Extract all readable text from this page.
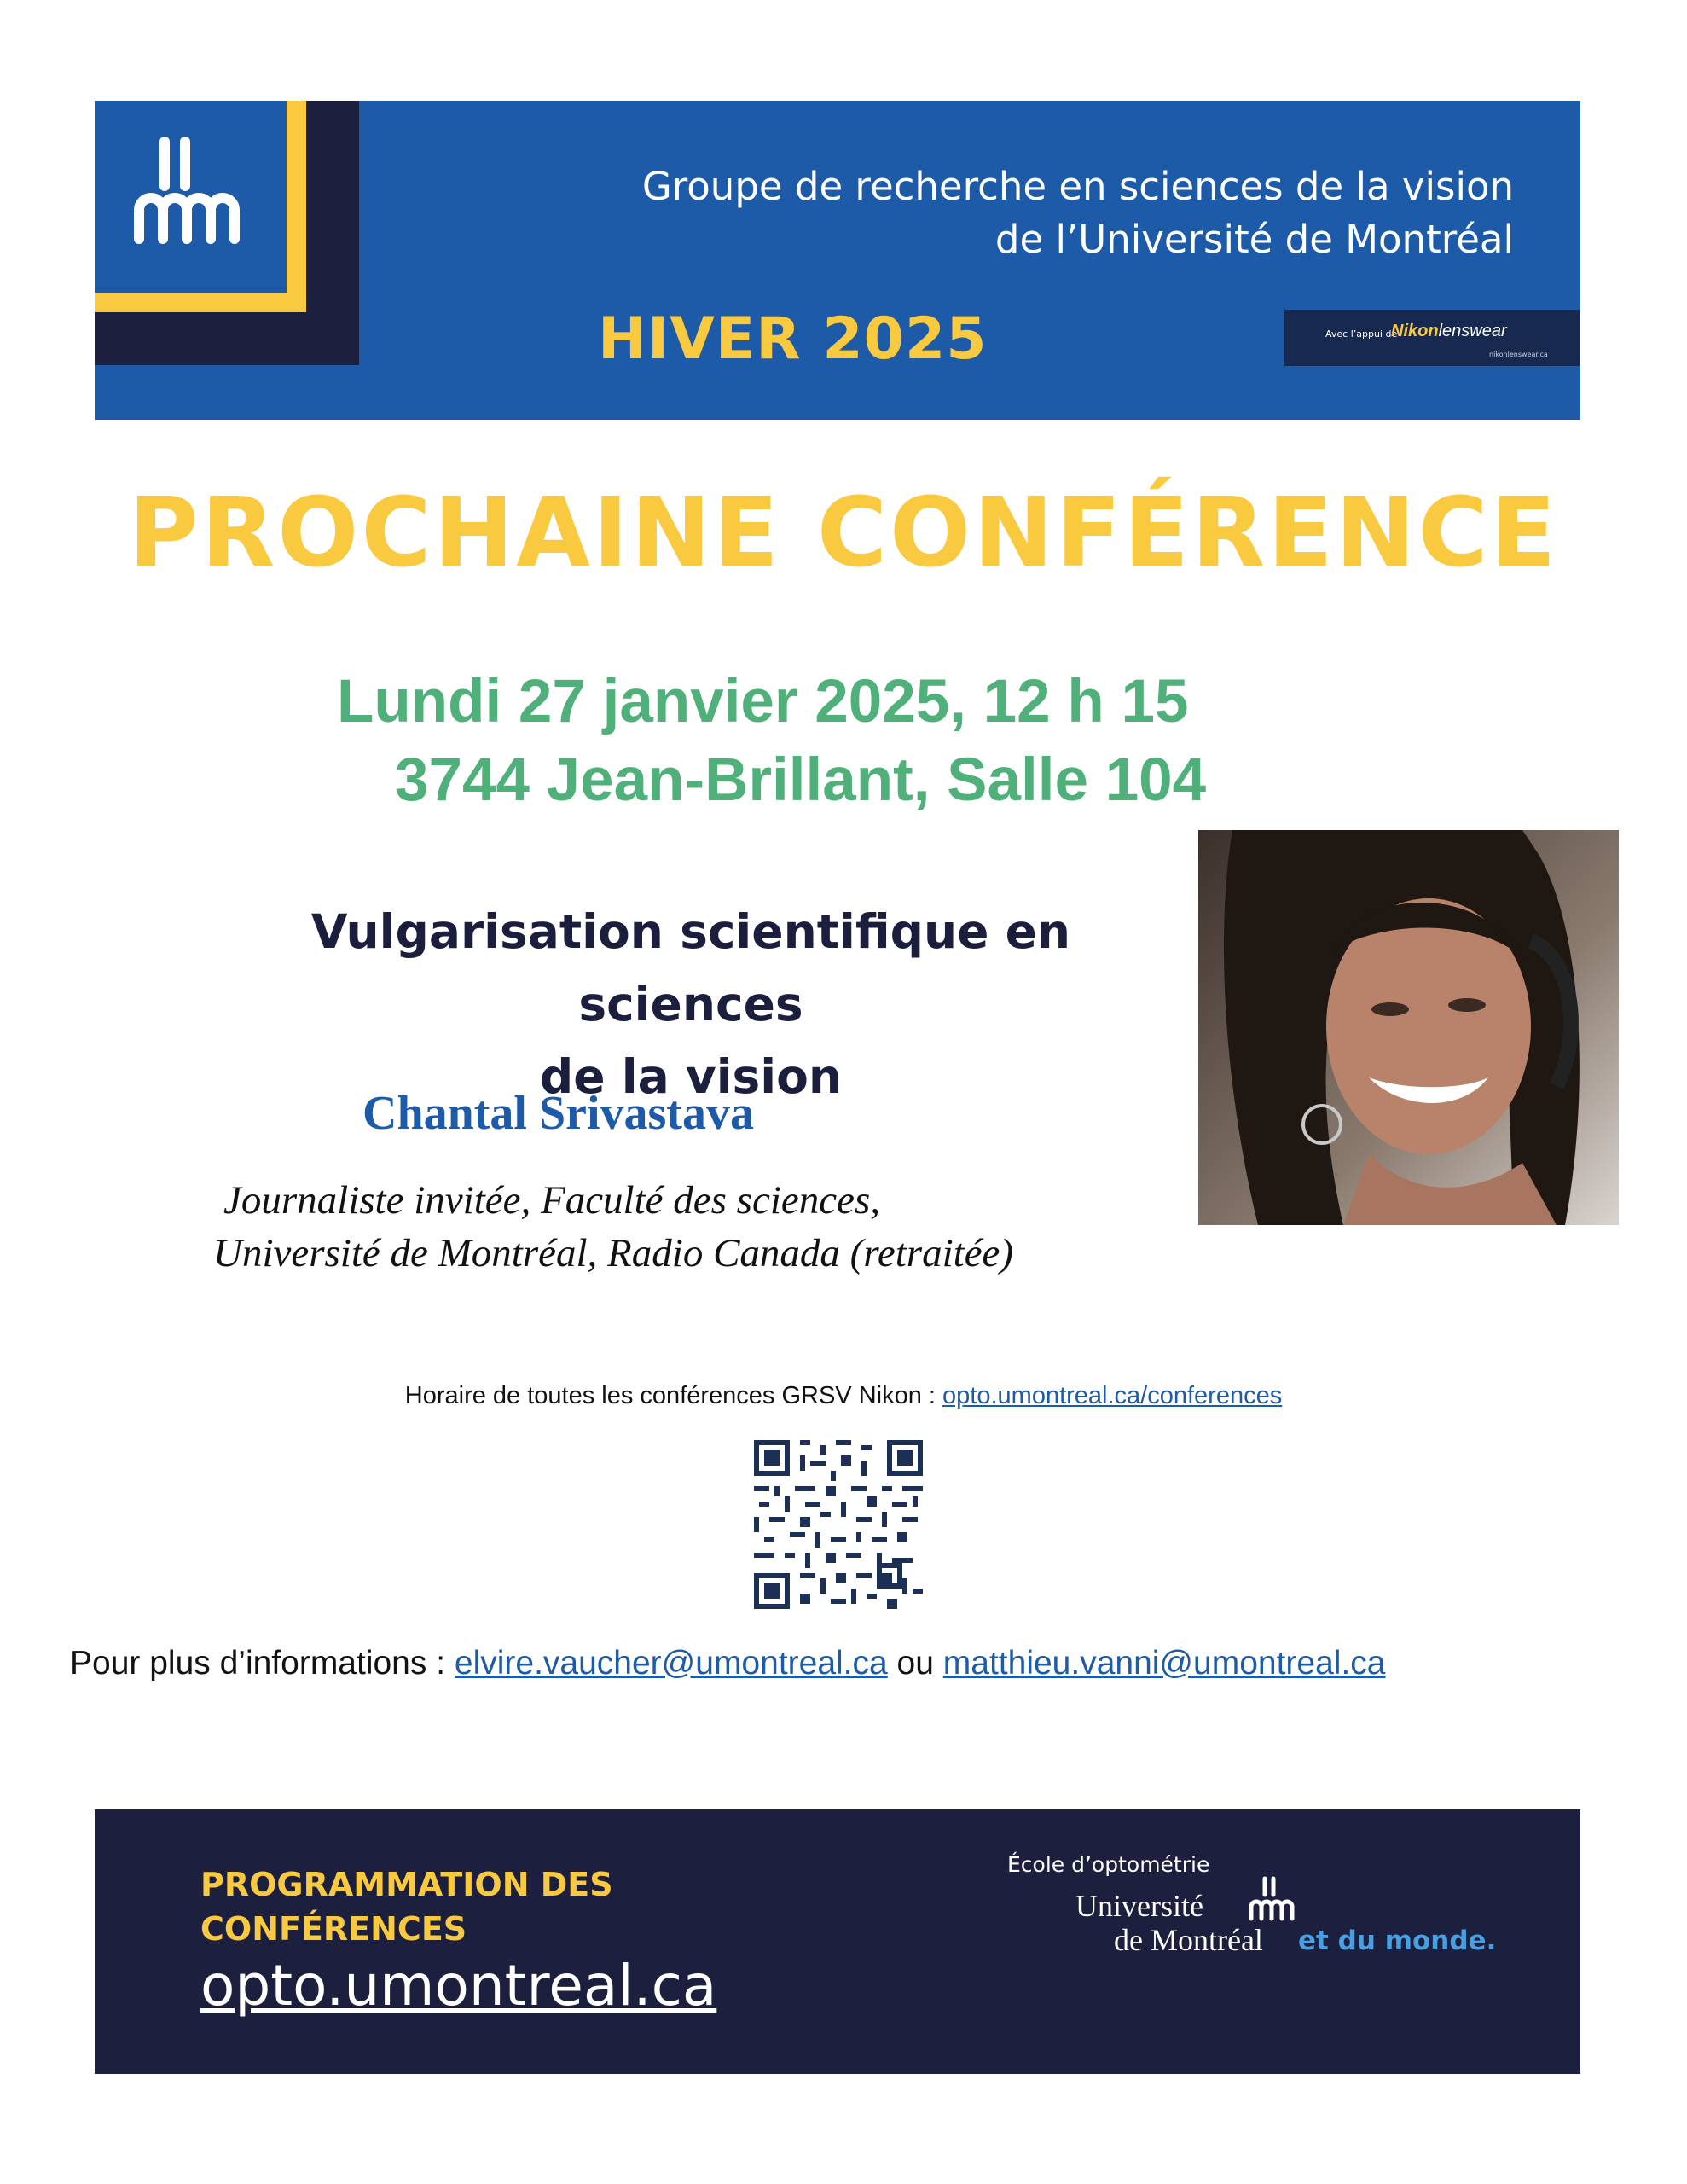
Groupe de recherche en sciences de la vision
de l’Université de Montréal
HIVER 2025	Avec l’appui de
Nikonlenswear
nikonlenswear.ca
PROCHAINE CONFÉRENCE
Lundi 27 janvier 2025, 12 h 15
3744 Jean-Brillant, Salle 104
Vulgarisation scientifique en sciences
de la vision
Chantal Srivastava
Journaliste invitée, Faculté des sciences,
Université de Montréal, Radio Canada (retraitée)
Horaire de toutes les conférences GRSV Nikon : opto.umontreal.ca/conferences
Pour plus d’informations : elvire.vaucher@umontreal.ca ou matthieu.vanni@umontreal.ca
PROGRAMMATION DES
CONFÉRENCES
opto.umontreal.ca
École d’optométrie
Université
de Montréal et du monde.
